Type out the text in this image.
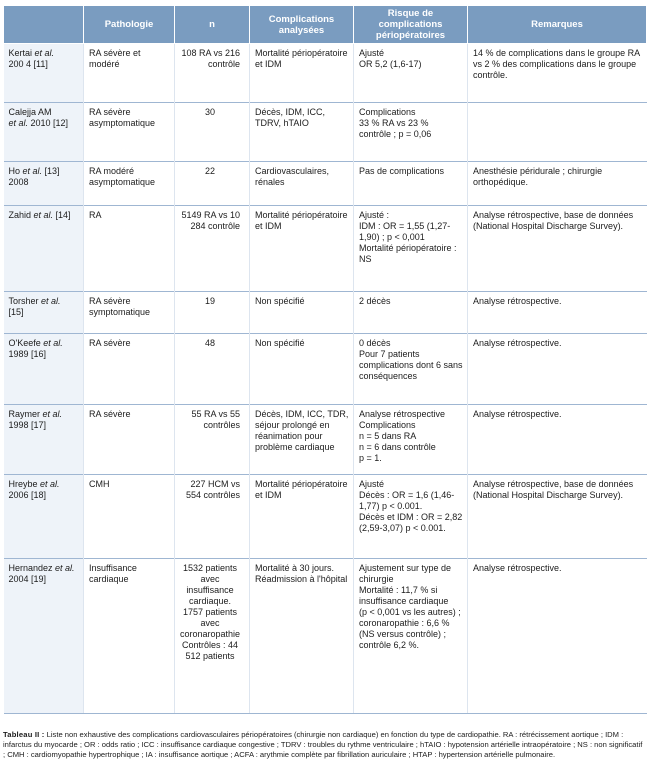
	Pathologie	n	Complications analysées	Risque de complications périopératoires	Remarques
Kertai et al.
200 4 [11]	RA sévère et modéré	108 RA vs 216 contrôle	Mortalité périopératoire et IDM	Ajusté
OR 5,2 (1,6-17)	14 % de complications dans le groupe RA vs 2 % des complications dans le groupe contrôle.
Calejja AM
et al. 2010 [12]	RA sévère asymptomatique	30	Décès, IDM, ICC, TDRV, hTAIO	Complications
33 % RA vs 23 % contrôle ; p = 0,06	
Ho et al. [13]
2008	RA modéré asymptomatique	22	Cardiovasculaires, rénales	Pas de complications	Anesthésie péridurale ; chirurgie orthopédique.
Zahid et al. [14]	RA	5149 RA vs 10 284 contrôle	Mortalité périopératoire et IDM	Ajusté :
IDM : OR = 1,55 (1,27-1,90) ; p < 0,001
Mortalité périopératoire : NS	Analyse rétrospective, base de données (National Hospital Discharge Survey).
Torsher et al.
[15]	RA sévère symptomatique	19	Non spécifié	2 décès	Analyse rétrospective.
O'Keefe et al.
1989 [16]	RA sévère	48	Non spécifié	0 décès
Pour 7 patients complications dont 6 sans conséquences	Analyse rétrospective.
Raymer et al.
1998 [17]	RA sévère	55 RA vs 55 contrôles	Décès, IDM, ICC, TDR, séjour prolongé en réanimation pour problème cardiaque	Analyse rétrospective
Complications
n = 5 dans RA
n = 6 dans contrôle
p = 1.	Analyse rétrospective.
Hreybe et al.
2006 [18]	CMH	227 HCM vs 554 contrôles	Mortalité périopératoire et IDM	Ajusté
Décès : OR = 1,6 (1,46-1,77) p < 0.001.
Décès et IDM : OR = 2,82 (2,59-3,07) p < 0.001.	Analyse rétrospective, base de données (National Hospital Discharge Survey).
Hernandez et al.
2004 [19]	Insuffisance cardiaque	1532 patients avec insuffisance cardiaque.
1757 patients avec coronaropathie
Contrôles : 44 512 patients	Mortalité à 30 jours. Réadmission à l'hôpital	Ajustement sur type de chirurgie
Mortalité : 11,7 % si insuffisance cardiaque
(p < 0,001 vs les autres) ; coronaropathie : 6,6 %
(NS versus contrôle) ; contrôle 6,2 %.	Analyse rétrospective.
Tableau II : Liste non exhaustive des complications cardiovasculaires périopératoires (chirurgie non cardiaque) en fonction du type de cardiopathie. RA : rétrécissement aortique ; IDM : infarctus du myocarde ; OR : odds ratio ; ICC : insuffisance cardiaque congestive ; TDRV : troubles du rythme ventriculaire ; hTAIO : hypotension artérielle intraopératoire ; NS : non significatif ; CMH : cardiomyopathie hypertrophique ; IA : insuffisance aortique ; ACFA : arythmie complète par fibrillation auriculaire ; HTAP : hypertension artérielle pulmonaire.
